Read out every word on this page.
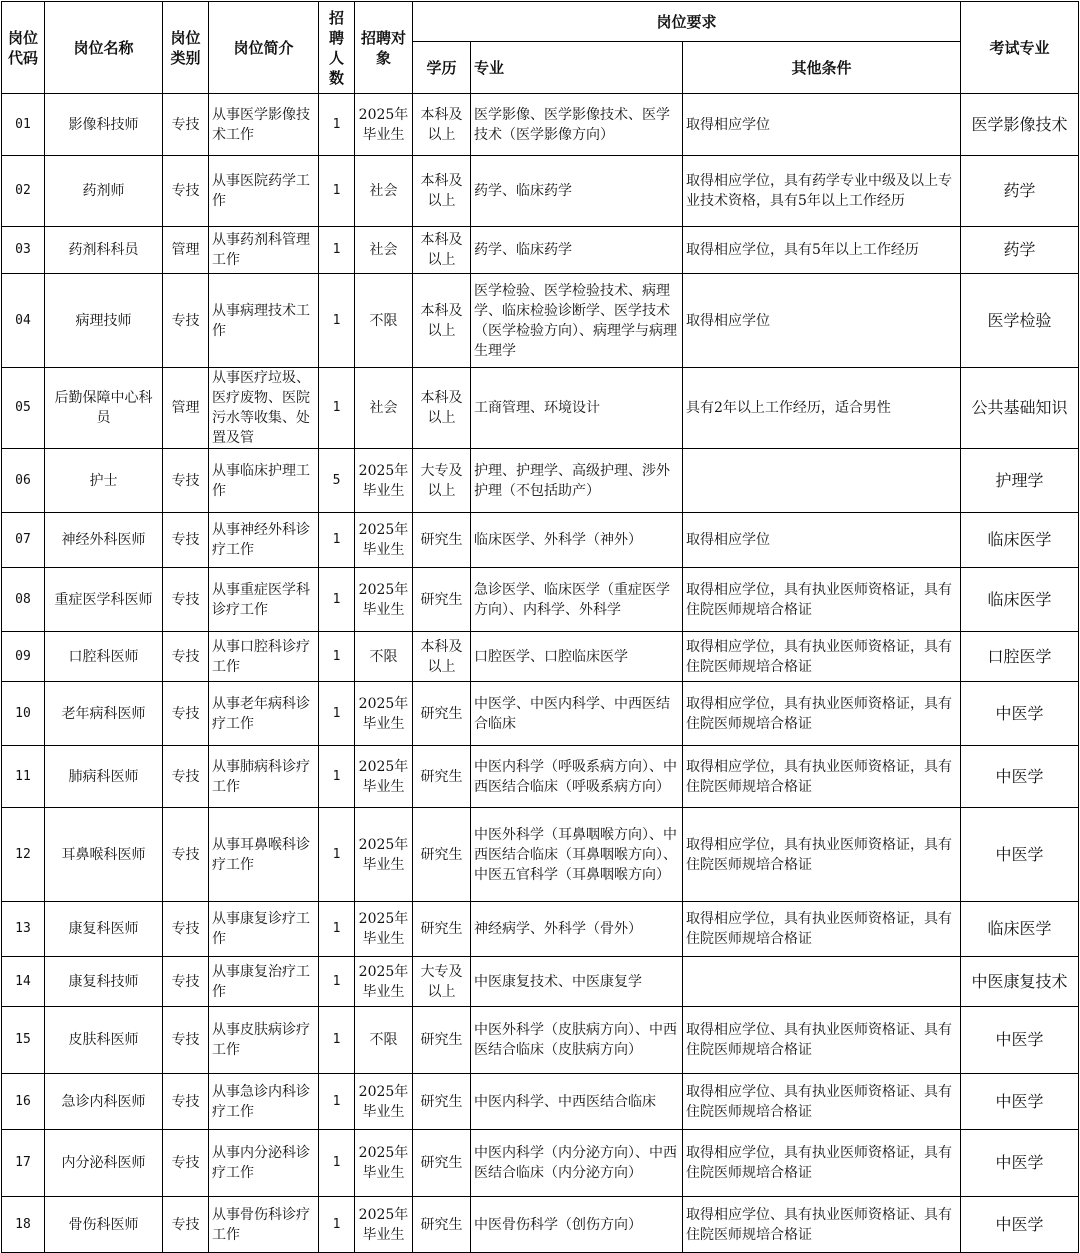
岗位代码	岗位名称	岗位类别	岗位简介	招聘人数	招聘对象	岗位要求			考试专业
						学历	专业	其他条件	

01	影像科技师	专技	从事医学影像技术工作	1	2025年毕业生	本科及以上	医学影像、医学影像技术、医学技术（医学影像方向）	取得相应学位	医学影像技术

02	药剂师	专技	从事医院药学工作	1	社会	本科及以上	药学、临床药学	取得相应学位，具有药学专业中级及以上专业技术资格，具有5年以上工作经历	药学

03	药剂科科员	管理	从事药剂科管理工作	1	社会	本科及以上	药学、临床药学	取得相应学位，具有5年以上工作经历	药学

04	病理技师	专技	从事病理技术工作	1	不限	本科及以上	医学检验、医学检验技术、病理学、临床检验诊断学、医学技术（医学检验方向）、病理学与病理生理学	取得相应学位	医学检验

05	后勤保障中心科员	管理	从事医疗垃圾、医疗废物、医院污水等收集、处置及管	1	社会	本科及以上	工商管理、环境设计	具有2年以上工作经历，适合男性	公共基础知识

06	护士	专技	从事临床护理工作	5	2025年毕业生	大专及以上	护理、护理学、高级护理、涉外护理（不包括助产）		护理学

07	神经外科医师	专技	从事神经外科诊疗工作	1	2025年毕业生	研究生	临床医学、外科学（神外）	取得相应学位	临床医学

08	重症医学科医师	专技	从事重症医学科诊疗工作	1	2025年毕业生	研究生	急诊医学、临床医学（重症医学方向）、内科学、外科学	取得相应学位，具有执业医师资格证，具有住院医师规培合格证	临床医学

09	口腔科医师	专技	从事口腔科诊疗工作	1	不限	本科及以上	口腔医学、口腔临床医学	取得相应学位，具有执业医师资格证，具有住院医师规培合格证	口腔医学

10	老年病科医师	专技	从事老年病科诊疗工作	1	2025年毕业生	研究生	中医学、中医内科学、中西医结合临床	取得相应学位，具有执业医师资格证，具有住院医师规培合格证	中医学

11	肺病科医师	专技	从事肺病科诊疗工作	1	2025年毕业生	研究生	中医内科学（呼吸系病方向）、中西医结合临床（呼吸系病方向）	取得相应学位，具有执业医师资格证，具有住院医师规培合格证	中医学

12	耳鼻喉科医师	专技	从事耳鼻喉科诊疗工作	1	2025年毕业生	研究生	中医外科学（耳鼻咽喉方向）、中西医结合临床（耳鼻咽喉方向）、中医五官科学（耳鼻咽喉方向）	取得相应学位，具有执业医师资格证，具有住院医师规培合格证	中医学

13	康复科医师	专技	从事康复诊疗工作	1	2025年毕业生	研究生	神经病学、外科学（骨外）	取得相应学位，具有执业医师资格证，具有住院医师规培合格证	临床医学

14	康复科技师	专技	从事康复治疗工作	1	2025年毕业生	大专及以上	中医康复技术、中医康复学		中医康复技术

15	皮肤科医师	专技	从事皮肤病诊疗工作	1	不限	研究生	中医外科学（皮肤病方向）、中西医结合临床（皮肤病方向）	取得相应学位、具有执业医师资格证、具有住院医师规培合格证	中医学

16	急诊内科医师	专技	从事急诊内科诊疗工作	1	2025年毕业生	研究生	中医内科学、中西医结合临床	取得相应学位、具有执业医师资格证、具有住院医师规培合格证	中医学

17	内分泌科医师	专技	从事内分泌科诊疗工作	1	2025年毕业生	研究生	中医内科学（内分泌方向）、中西医结合临床（内分泌方向）	取得相应学位，具有执业医师资格证，具有住院医师规培合格证	中医学

18	骨伤科医师	专技	从事骨伤科诊疗工作	1	2025年毕业生	研究生	中医骨伤科学（创伤方向）	取得相应学位、具有执业医师资格证、具有住院医师规培合格证	中医学
